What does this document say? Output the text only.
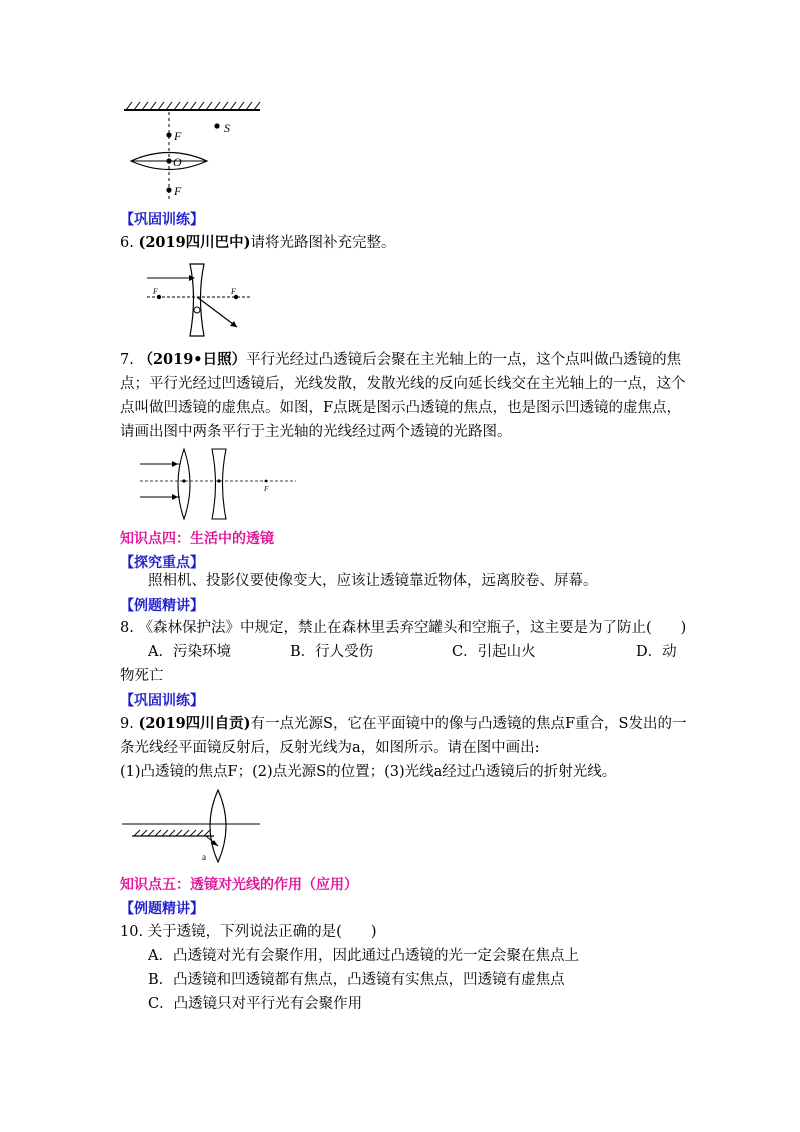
F
O
F
S
【巩固训练】
6. (2019四川巴中)请将光路图补充完整。
F	F
7. （2019•日照）平行光经过凸透镜后会聚在主光轴上的一点，这个点叫做凸透镜的焦
点；平行光经过凹透镜后，光线发散，发散光线的反向延长线交在主光轴上的一点，这个
点叫做凹透镜的虚焦点。如图，F点既是图示凸透镜的焦点，也是图示凹透镜的虚焦点，
请画出图中两条平行于主光轴的光线经过两个透镜的光路图。
F
知识点四：生活中的透镜
【探究重点】
照相机、投影仪要使像变大，应该让透镜靠近物体，远离胶卷、屏幕。
【例题精讲】
8. 《森林保护法》中规定，禁止在森林里丢弃空罐头和空瓶子，这主要是为了防止(　　)
A．污染环境	B．行人受伤	C．引起山火	D．动
物死亡
【巩固训练】
9. (2019四川自贡)有一点光源S，它在平面镜中的像与凸透镜的焦点F重合，S发出的一
条光线经平面镜反射后，反射光线为a，如图所示。请在图中画出:
(1)凸透镜的焦点F；(2)点光源S的位置；(3)光线a经过凸透镜后的折射光线。
a
知识点五：透镜对光线的作用（应用）
【例题精讲】
10. 关于透镜，下列说法正确的是(　　)
A．凸透镜对光有会聚作用，因此通过凸透镜的光一定会聚在焦点上
B．凸透镜和凹透镜都有焦点，凸透镜有实焦点，凹透镜有虚焦点
C．凸透镜只对平行光有会聚作用
